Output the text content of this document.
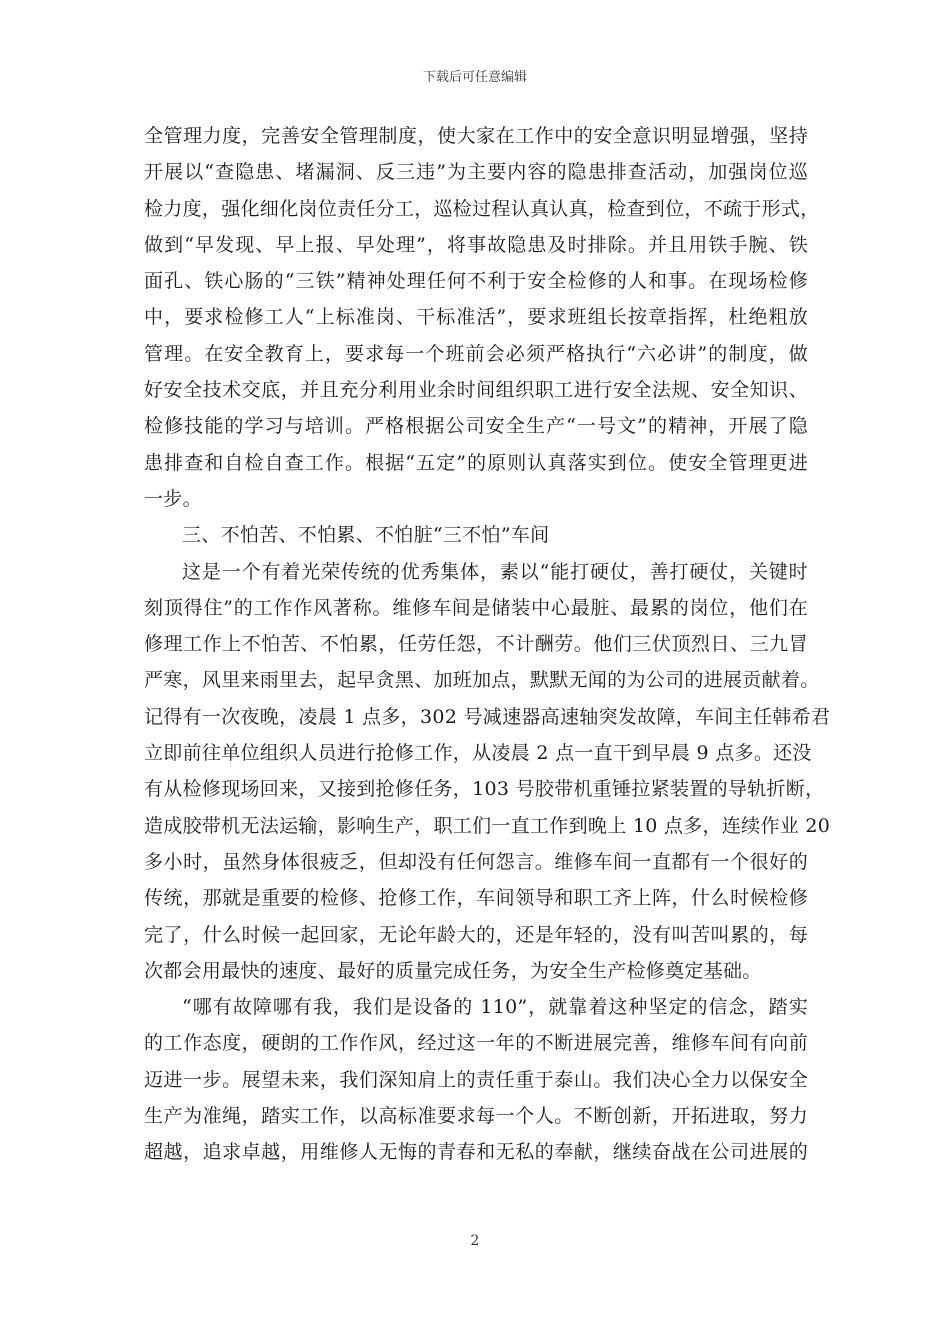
下载后可任意编辑
全管理力度，完善安全管理制度，使大家在工作中的安全意识明显增强，坚持
开展以“查隐患、堵漏洞、反三违”为主要内容的隐患排查活动，加强岗位巡
检力度，强化细化岗位责任分工，巡检过程认真认真，检查到位，不疏于形式，
做到“早发现、早上报、早处理”，将事故隐患及时排除。并且用铁手腕、铁
面孔、铁心肠的“三铁”精神处理任何不利于安全检修的人和事。在现场检修
中，要求检修工人“上标准岗、干标准活”，要求班组长按章指挥，杜绝粗放
管理。在安全教育上，要求每一个班前会必须严格执行“六必讲”的制度，做
好安全技术交底，并且充分利用业余时间组织职工进行安全法规、安全知识、
检修技能的学习与培训。严格根据公司安全生产“一号文”的精神，开展了隐
患排查和自检自查工作。根据“五定”的原则认真落实到位。使安全管理更进
一步。
三、不怕苦、不怕累、不怕脏“三不怕”车间
这是一个有着光荣传统的优秀集体，素以“能打硬仗，善打硬仗，关键时
刻顶得住”的工作作风著称。维修车间是储装中心最脏、最累的岗位，他们在
修理工作上不怕苦、不怕累，任劳任怨，不计酬劳。他们三伏顶烈日、三九冒
严寒，风里来雨里去，起早贪黑、加班加点，默默无闻的为公司的进展贡献着。
记得有一次夜晚，凌晨 1 点多，302 号减速器高速轴突发故障，车间主任韩希君
立即前往单位组织人员进行抢修工作，从凌晨 2 点一直干到早晨 9 点多。还没
有从检修现场回来，又接到抢修任务，103 号胶带机重锤拉紧装置的导轨折断，
造成胶带机无法运输，影响生产，职工们一直工作到晚上 10 点多，连续作业 20
多小时，虽然身体很疲乏，但却没有任何怨言。维修车间一直都有一个很好的
传统，那就是重要的检修、抢修工作，车间领导和职工齐上阵，什么时候检修
完了，什么时候一起回家，无论年龄大的，还是年轻的，没有叫苦叫累的，每
次都会用最快的速度、最好的质量完成任务，为安全生产检修奠定基础。
“哪有故障哪有我，我们是设备的 110”，就靠着这种坚定的信念，踏实
的工作态度，硬朗的工作作风，经过这一年的不断进展完善，维修车间有向前
迈进一步。展望未来，我们深知肩上的责任重于泰山。我们决心全力以保安全
生产为准绳，踏实工作，以高标准要求每一个人。不断创新，开拓进取，努力
超越，追求卓越，用维修人无悔的青春和无私的奉献，继续奋战在公司进展的
2
